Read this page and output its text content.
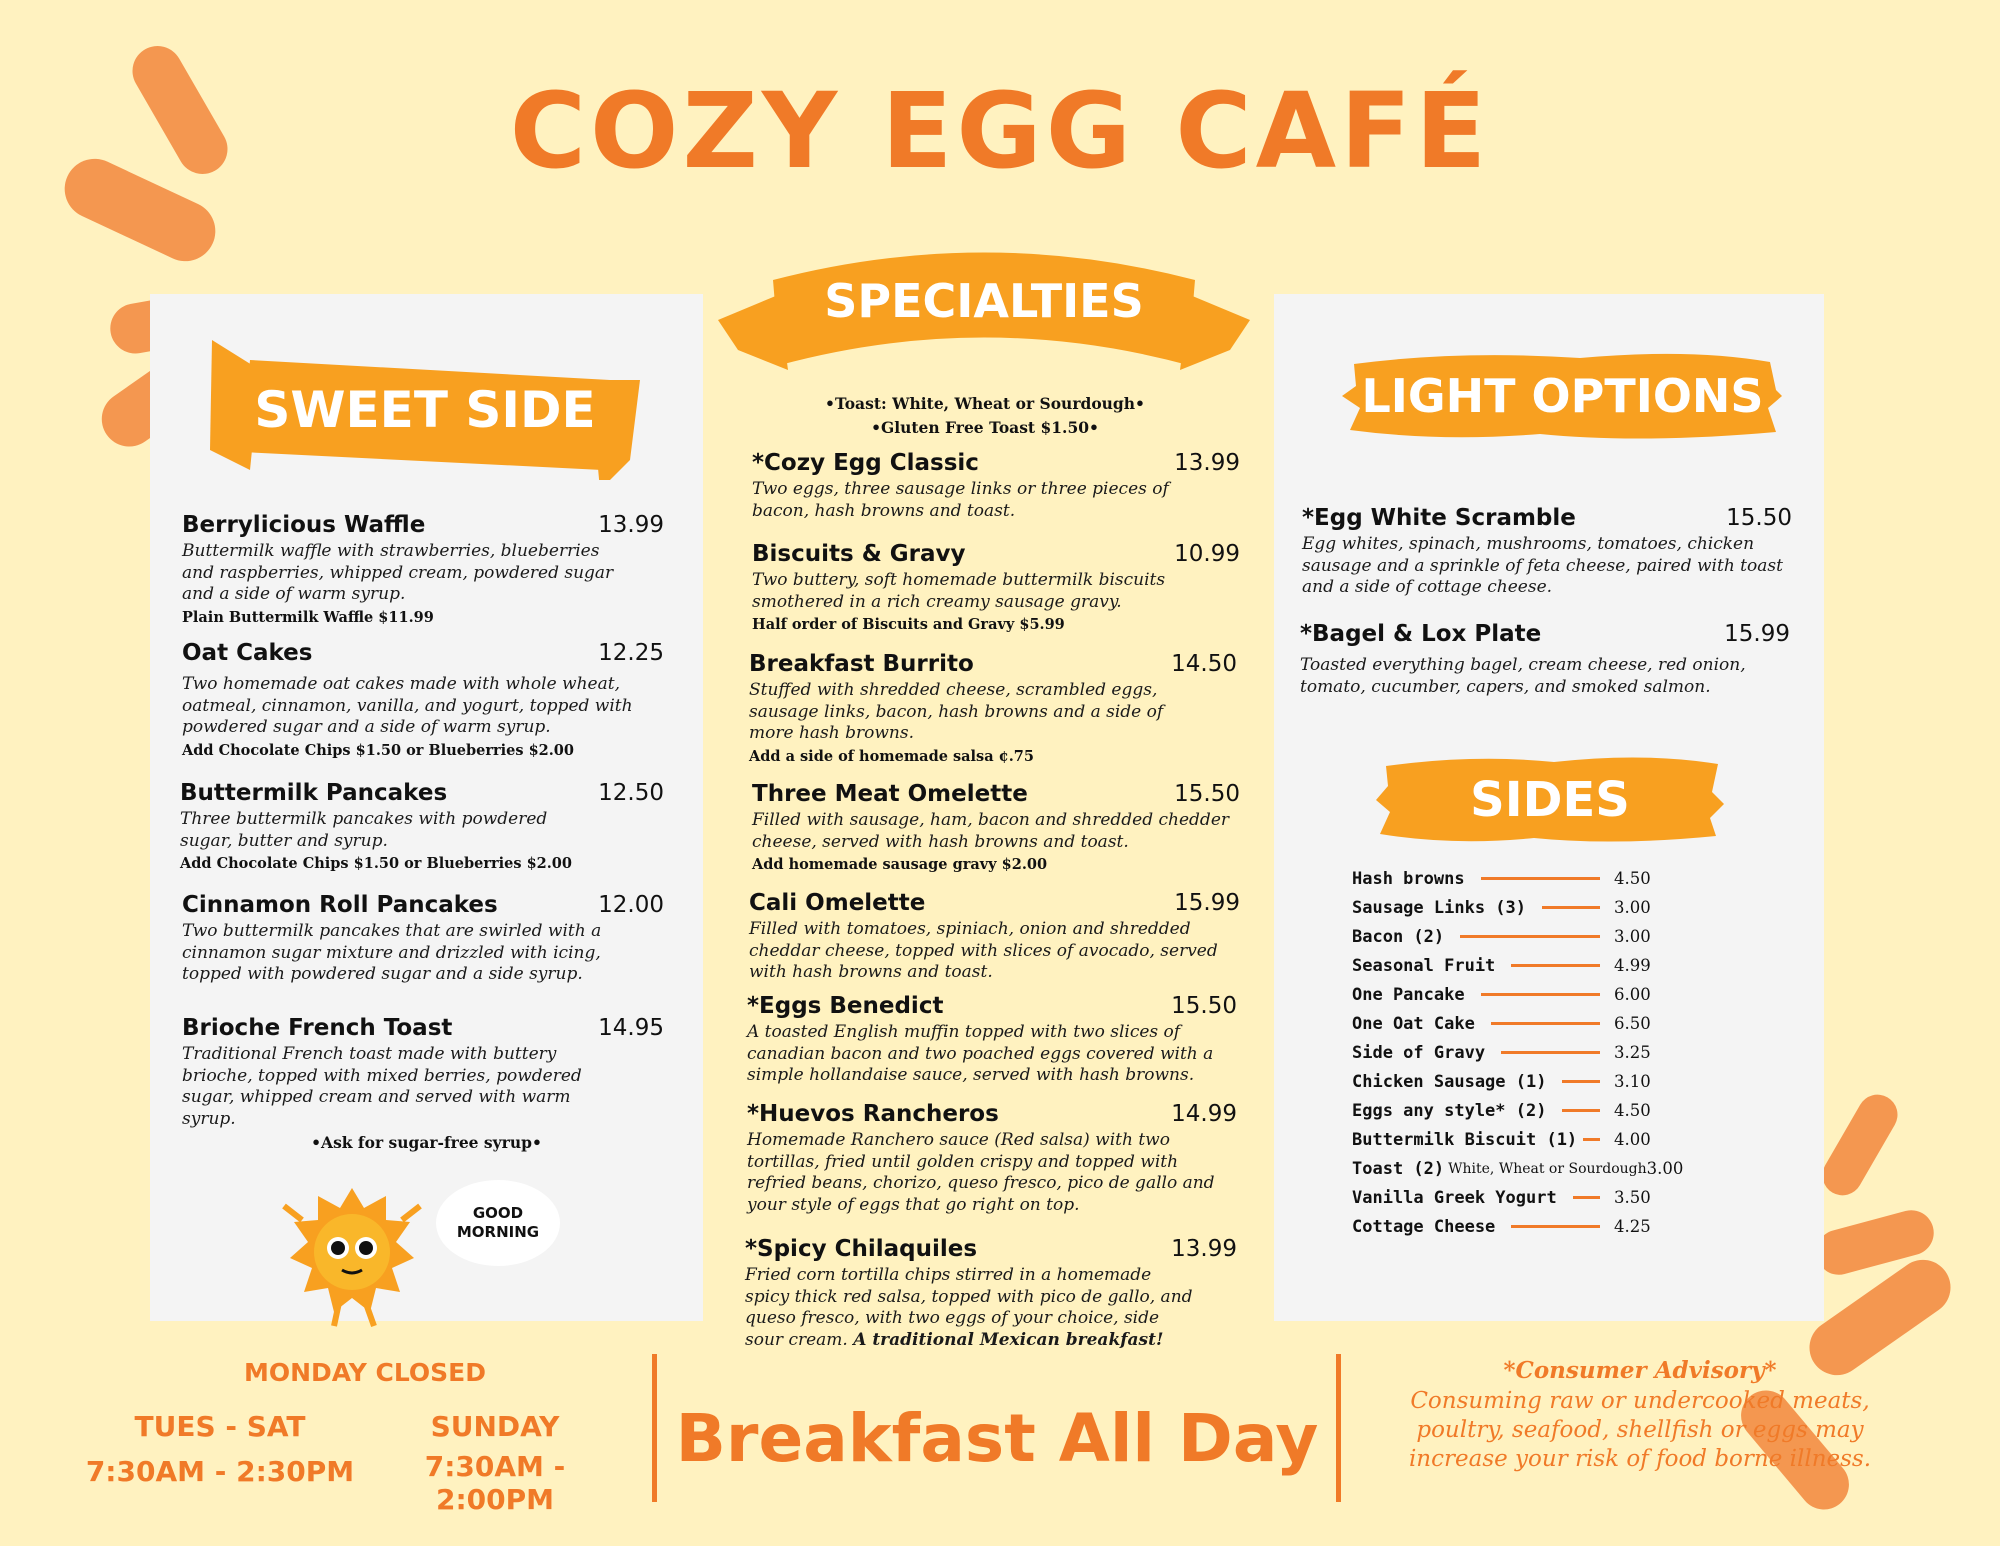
COZY EGG CAFÉ
SWEET SIDE
Berrylicious Waffle	13.99
Buttermilk waffle with strawberries, blueberries and raspberries, whipped cream, powdered sugar and a side of warm syrup.
Plain Buttermilk Waffle $11.99
Oat Cakes	12.25
Two homemade oat cakes made with whole wheat, oatmeal, cinnamon, vanilla, and yogurt, topped with powdered sugar and a side of warm syrup.
Add Chocolate Chips $1.50 or Blueberries $2.00
Buttermilk Pancakes	12.50
Three buttermilk pancakes with powdered sugar, butter and syrup.
Add Chocolate Chips $1.50 or Blueberries $2.00
Cinnamon Roll Pancakes	12.00
Two buttermilk pancakes that are swirled with a cinnamon sugar mixture and drizzled with icing, topped with powdered sugar and a side syrup.
Brioche French Toast	14.95
Traditional French toast made with buttery brioche, topped with mixed berries, powdered sugar, whipped cream and served with warm syrup.
•Ask for sugar-free syrup•
GOOD
MORNING
SPECIALTIES
•Toast: White, Wheat or Sourdough•
•Gluten Free Toast $1.50•
*Cozy Egg Classic	13.99
Two eggs, three sausage links or three pieces of bacon, hash browns and toast.
Biscuits & Gravy	10.99
Two buttery, soft homemade buttermilk biscuits smothered in a rich creamy sausage gravy.
Half order of Biscuits and Gravy $5.99
Breakfast Burrito	14.50
Stuffed with shredded cheese, scrambled eggs, sausage links, bacon, hash browns and a side of more hash browns.
Add a side of homemade salsa ¢.75
Three Meat Omelette	15.50
Filled with sausage, ham, bacon and shredded chedder cheese, served with hash browns and toast.
Add homemade sausage gravy $2.00
Cali Omelette	15.99
Filled with tomatoes, spiniach, onion and shredded cheddar cheese, topped with slices of avocado, served with hash browns and toast.
*Eggs Benedict	15.50
A toasted English muffin topped with two slices of canadian bacon and two poached eggs covered with a simple hollandaise sauce, served with hash browns.
*Huevos Rancheros	14.99
Homemade Ranchero sauce (Red salsa) with two tortillas, fried until golden crispy and topped with refried beans, chorizo, queso fresco, pico de gallo and your style of eggs that go right on top.
*Spicy Chilaquiles	13.99
Fried corn tortilla chips stirred in a homemade spicy thick red salsa, topped with pico de gallo, and queso fresco, with two eggs of your choice, side sour cream. A traditional Mexican breakfast!
LIGHT OPTIONS
*Egg White Scramble	15.50
Egg whites, spinach, mushrooms, tomatoes, chicken sausage and a sprinkle of feta cheese, paired with toast and a side of cottage cheese.
*Bagel & Lox Plate	15.99
Toasted everything bagel, cream cheese, red onion, tomato, cucumber, capers, and smoked salmon.
SIDES
Hash browns	4.50
Sausage Links (3)	3.00
Bacon (2)	3.00
Seasonal Fruit	4.99
One Pancake	6.00
One Oat Cake	6.50
Side of Gravy	3.25
Chicken Sausage (1)	3.10
Eggs any style* (2)	4.50
Buttermilk Biscuit (1) 4.00
Toast (2) White, Wheat or Sourdough 3.00
Vanilla Greek Yogurt	3.50
Cottage Cheese	4.25
MONDAY CLOSED
TUES - SAT
7:30AM - 2:30PM
SUNDAY
7:30AM - 2:00PM
Breakfast All Day
*Consumer Advisory*
Consuming raw or undercooked meats, poultry, seafood, shellfish or eggs may increase your risk of food borne illness.
